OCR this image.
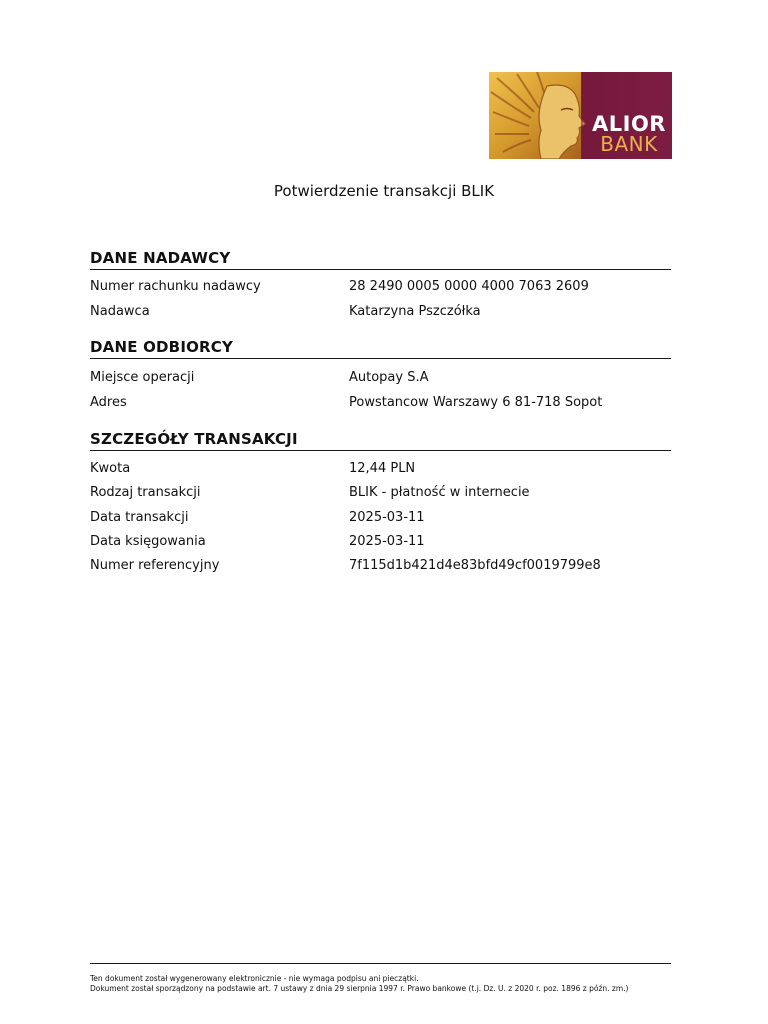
ALIOR
BANK
Potwierdzenie transakcji BLIK
DANE NADAWCY
Numer rachunku nadawcy	28 2490 0005 0000 4000 7063 2609
Nadawca	Katarzyna Pszczółka
DANE ODBIORCY
Miejsce operacji	Autopay S.A
Adres	Powstancow Warszawy 6 81-718 Sopot
SZCZEGÓŁY TRANSAKCJI
Kwota	12,44 PLN
Rodzaj transakcji	BLIK - płatność w internecie
Data transakcji	2025-03-11
Data księgowania	2025-03-11
Numer referencyjny	7f115d1b421d4e83bfd49cf0019799e8
Ten dokument został wygenerowany elektronicznie - nie wymaga podpisu ani pieczątki.
Dokument został sporządzony na podstawie art. 7 ustawy z dnia 29 sierpnia 1997 r. Prawo bankowe (t.j. Dz. U. z 2020 r. poz. 1896 z późn. zm.)
